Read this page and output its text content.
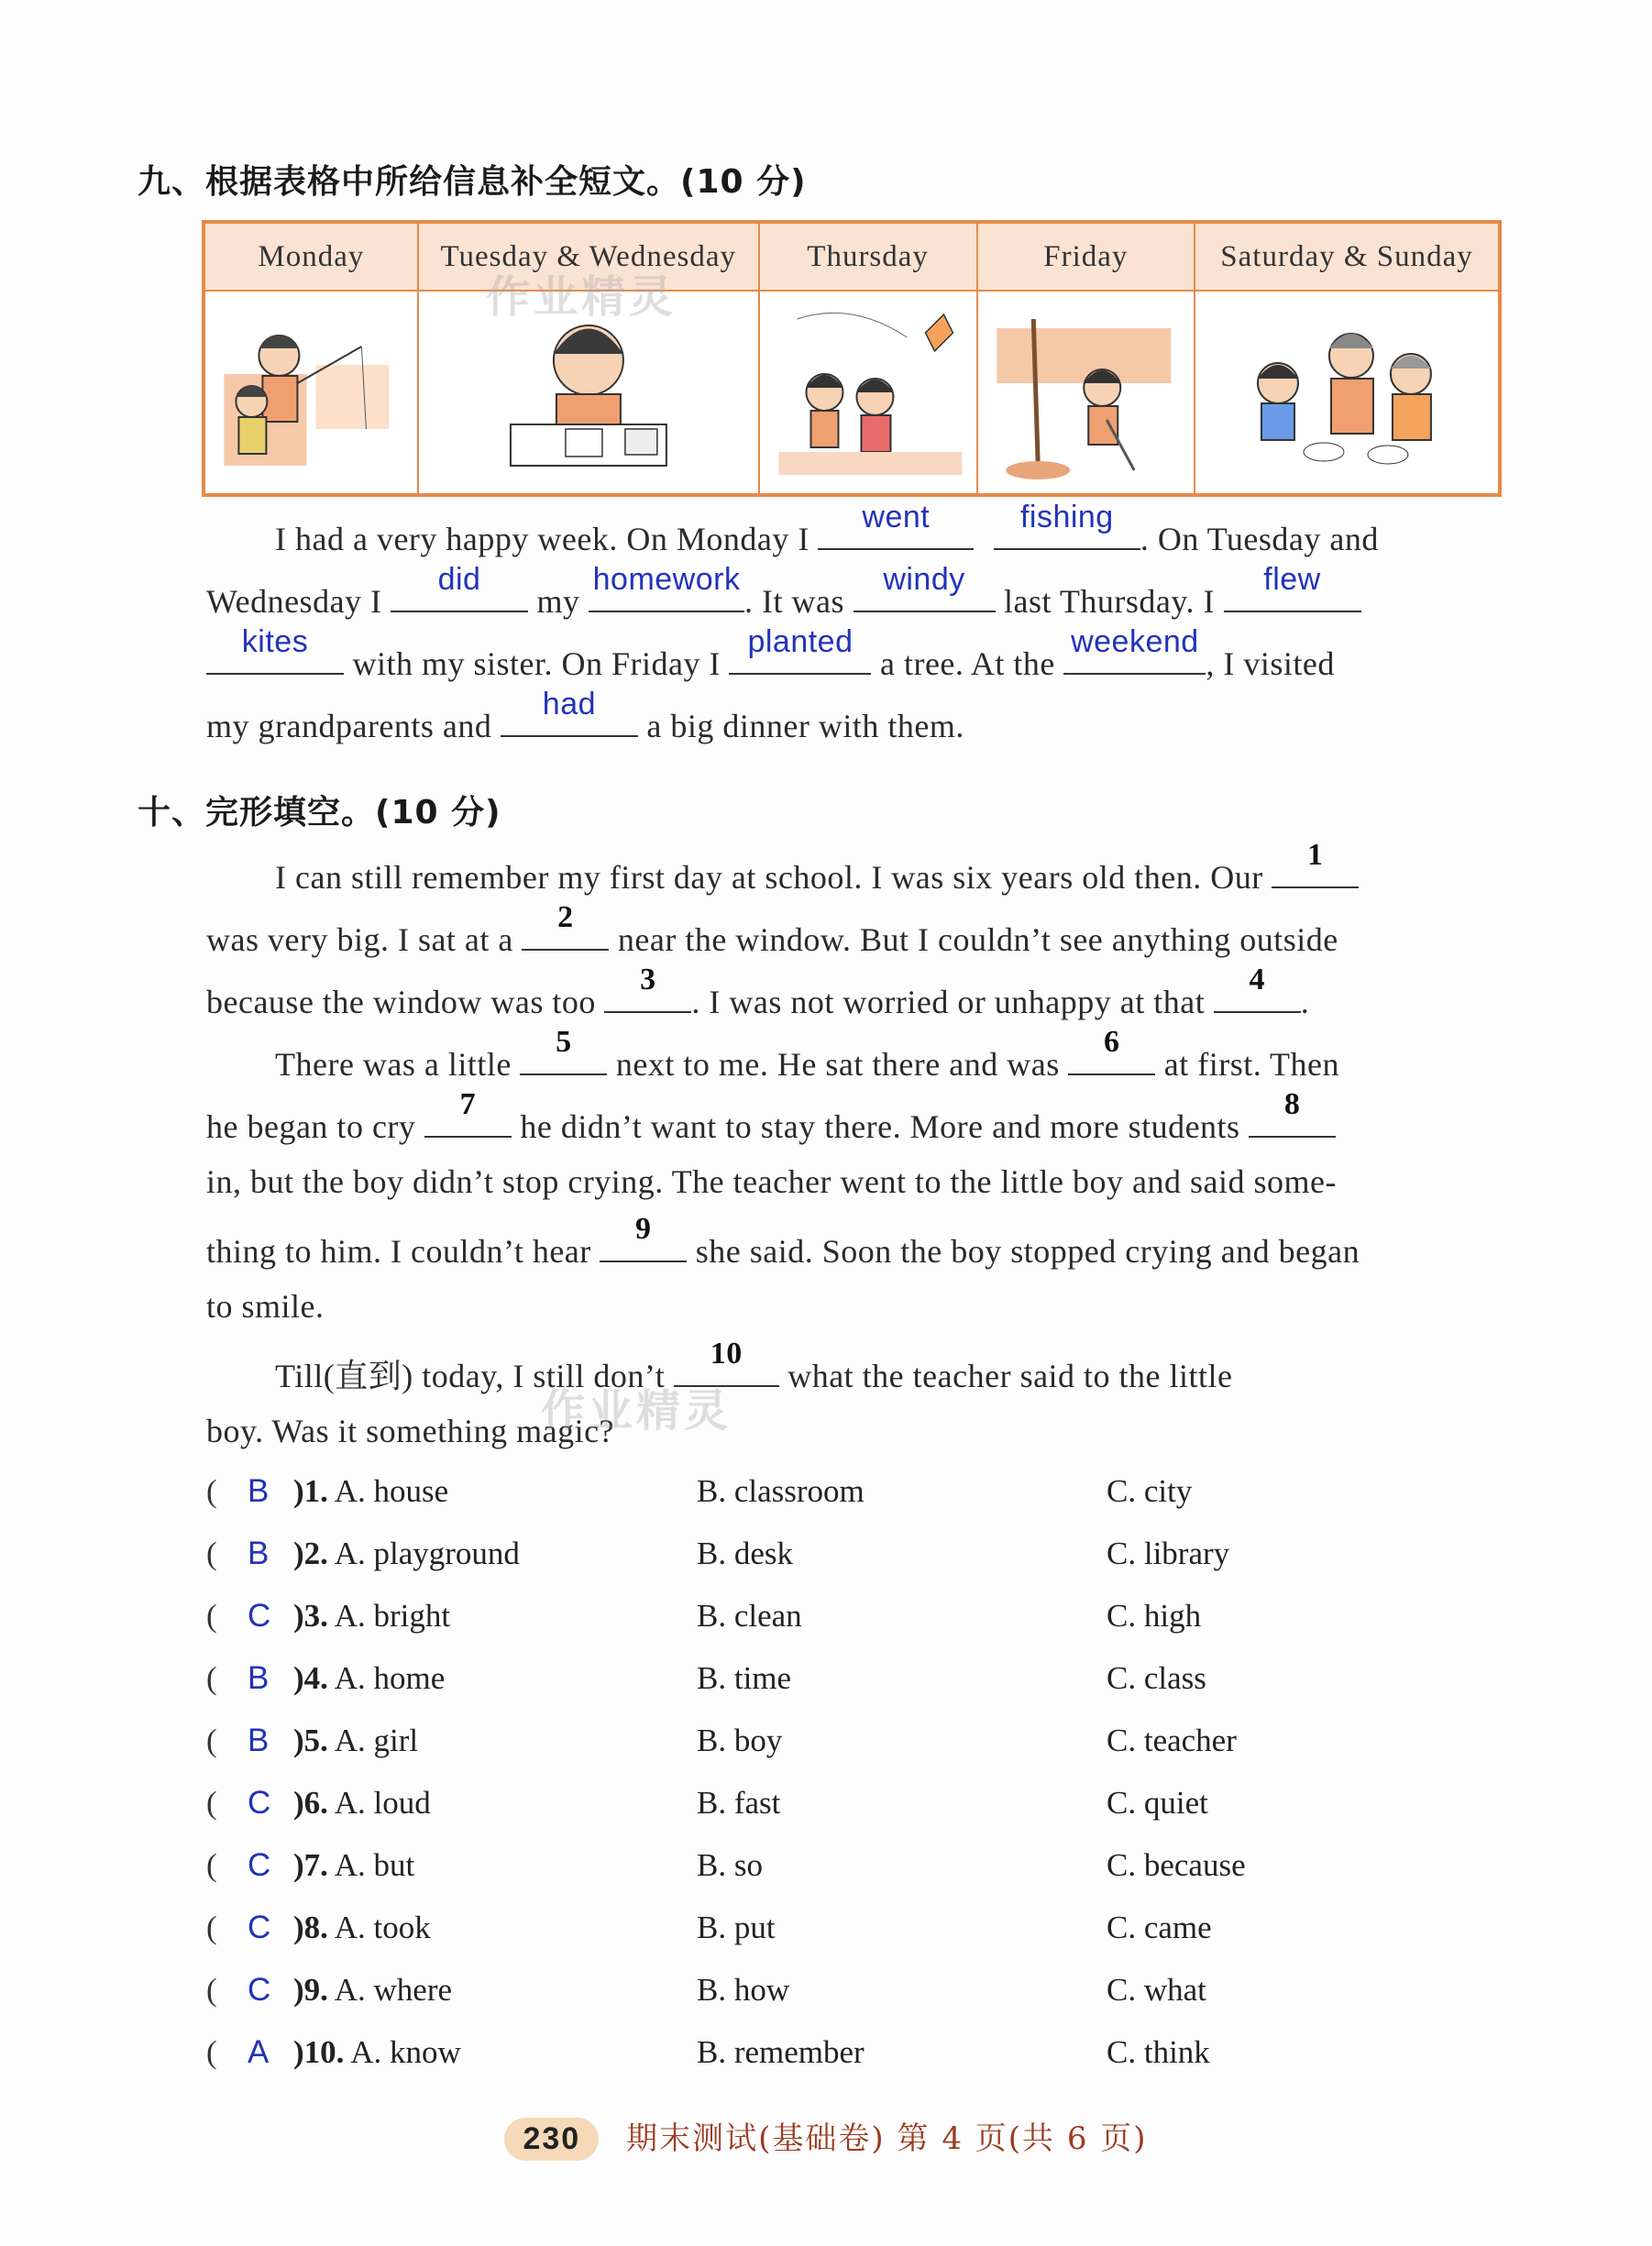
九、根据表格中所给信息补全短文。(10 分)
Monday	Tuesday & Wednesday	Thursday	Friday	Saturday & Sunday

I had a very happy week. On Monday I
went
	fishing
. On Tuesday and
Wednesday I
did
my
homework
. It was
windy
last Thursday. I
flew
kites
with my sister. On Friday I
planted
a tree. At the
weekend
, I visited
my grandparents and
had
a big dinner with them.
十、完形填空。(10 分)
I can still remember my first day at school. I was six years old then. Our
1
was very big. I sat at a
2
near the window. But I couldn’t see anything outside
because the window was too
3
. I was not worried or unhappy at that
4
.
There was a little
5
next to me. He sat there and was
6
at first. Then
he began to cry
7
he didn’t want to stay there. More and more students
8
in, but the boy didn’t stop crying. The teacher went to the little boy and said some-
thing to him. I couldn’t hear
9
she said. Soon the boy stopped crying and began
to smile.
Till(直到) today, I still don’t
10
what the teacher said to the little
boy. Was it something magic?
( B )1. A. house	B. classroom	C. city
( B )2. A. playground	B. desk	C. library
( C )3. A. bright	B. clean	C. high
( B )4. A. home	B. time	C. class
( B )5. A. girl	B. boy	C. teacher
( C )6. A. loud	B. fast	C. quiet
( C )7. A. but	B. so	C. because
( C )8. A. took	B. put	C. came
( C )9. A. where	B. how	C. what
( A )10. A. know	B. remember	C. think
作业精灵
作业精灵
230 期末测试(基础卷) 第 4 页(共 6 页)
